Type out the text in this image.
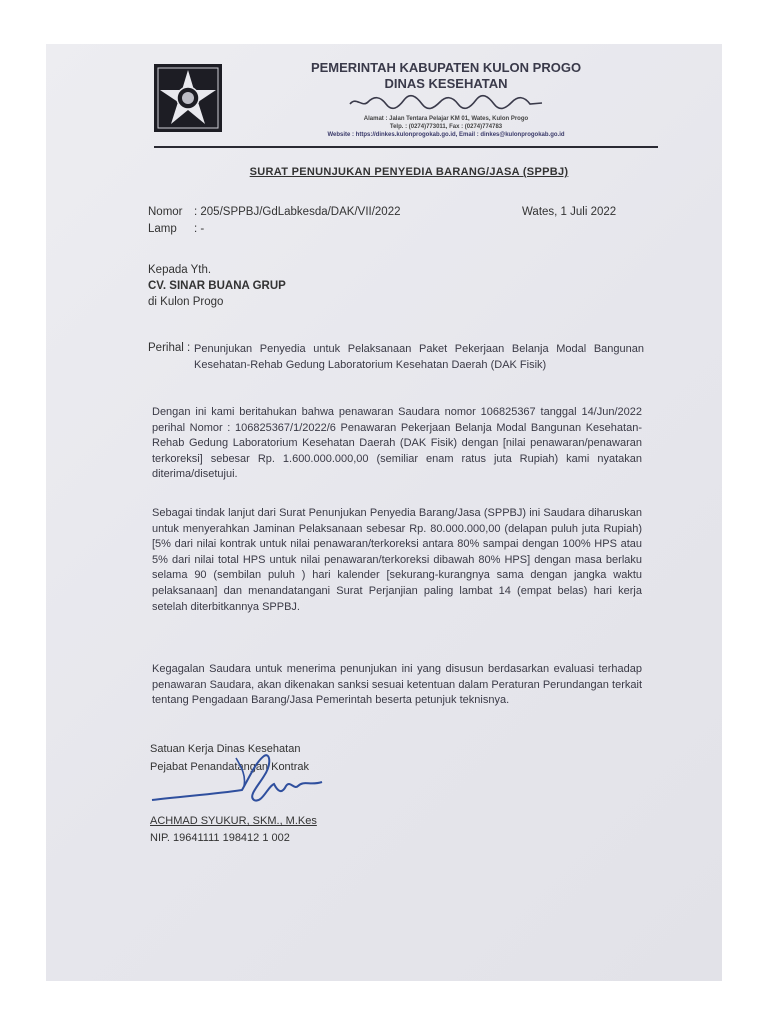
PEMERINTAH KABUPATEN KULON PROGO
DINAS KESEHATAN
Alamat : Jalan Tentara Pelajar KM 01, Wates, Kulon Progo
Telp. : (0274)773011, Fax : (0274)774783
Website : https://dinkes.kulonprogokab.go.id, Email : dinkes@kulonprogokab.go.id
SURAT PENUNJUKAN PENYEDIA BARANG/JASA (SPPBJ)
Nomor : 205/SPPBJ/GdLabkesda/DAK/VII/2022	Wates, 1 Juli 2022
Lamp : -
Kepada Yth.
CV. SINAR BUANA GRUP
di Kulon Progo
Perihal : Penunjukan Penyedia untuk Pelaksanaan Paket Pekerjaan Belanja Modal Bangunan Kesehatan-Rehab Gedung Laboratorium Kesehatan Daerah (DAK Fisik)
Dengan ini kami beritahukan bahwa penawaran Saudara nomor 106825367 tanggal 14/Jun/2022 perihal Nomor : 106825367/1/2022/6 Penawaran Pekerjaan Belanja Modal Bangunan Kesehatan-Rehab Gedung Laboratorium Kesehatan Daerah (DAK Fisik) dengan [nilai penawaran/penawaran terkoreksi] sebesar Rp. 1.600.000.000,00 (semiliar enam ratus juta Rupiah) kami nyatakan diterima/disetujui.
Sebagai tindak lanjut dari Surat Penunjukan Penyedia Barang/Jasa (SPPBJ) ini Saudara diharuskan untuk menyerahkan Jaminan Pelaksanaan sebesar Rp. 80.000.000,00 (delapan puluh juta Rupiah) [5% dari nilai kontrak untuk nilai penawaran/terkoreksi antara 80% sampai dengan 100% HPS atau 5% dari nilai total HPS untuk nilai penawaran/terkoreksi dibawah 80% HPS] dengan masa berlaku selama 90 (sembilan puluh ) hari kalender [sekurang-kurangnya sama dengan jangka waktu pelaksanaan] dan menandatangani Surat Perjanjian paling lambat 14 (empat belas) hari kerja setelah diterbitkannya SPPBJ.
Kegagalan Saudara untuk menerima penunjukan ini yang disusun berdasarkan evaluasi terhadap penawaran Saudara, akan dikenakan sanksi sesuai ketentuan dalam Peraturan Perundangan terkait tentang Pengadaan Barang/Jasa Pemerintah beserta petunjuk teknisnya.
Satuan Kerja Dinas Kesehatan
Pejabat Penandatangan Kontrak
ACHMAD SYUKUR, SKM., M.Kes
NIP. 19641111 198412 1 002
